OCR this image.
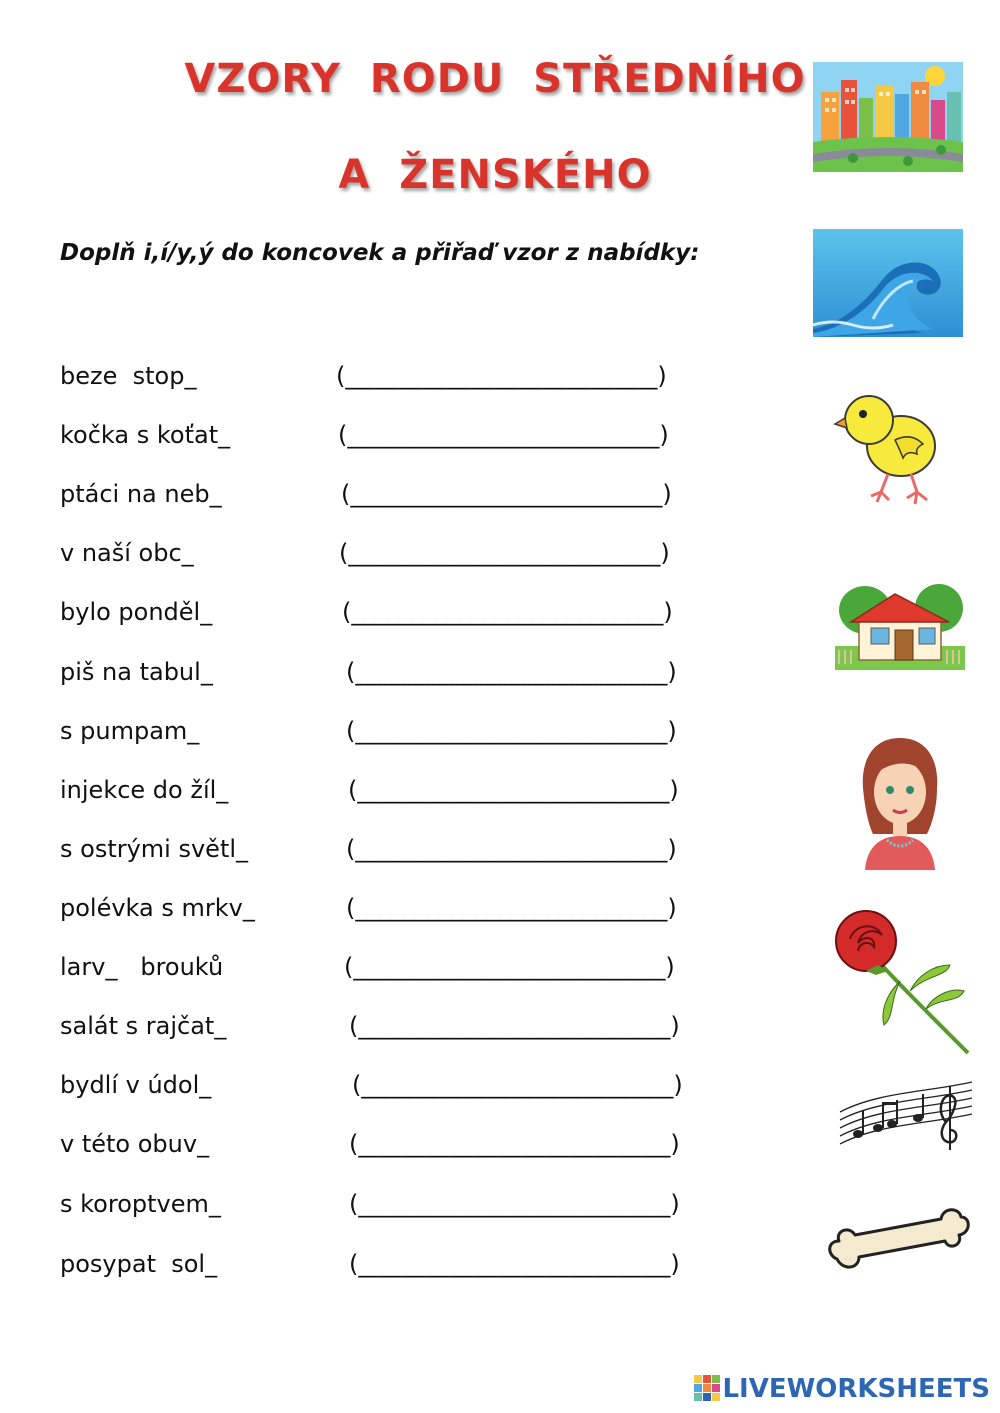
VZORY RODU STŘEDNÍHO
A ŽENSKÉHO
Doplň i,í/y,ý do koncovek a přiřaď vzor z nabídky:
beze  stop_	(__________________________)
kočka s koťat_	(__________________________)
ptáci na neb_	(__________________________)
v naší obc_	(__________________________)
bylo ponděl_	(__________________________)
piš na tabul_	(__________________________)
s pumpam_	(__________________________)
injekce do žíl_	(__________________________)
s ostrými světl_	(__________________________)
polévka s mrkv_	(__________________________)
larv_   brouků	(__________________________)
salát s rajčat_	(__________________________)
bydlí v údol_	(__________________________)
v této obuv_	(__________________________)
s koroptvem_	(__________________________)
posypat  sol_	(__________________________)
LIVEWORKSHEETS
